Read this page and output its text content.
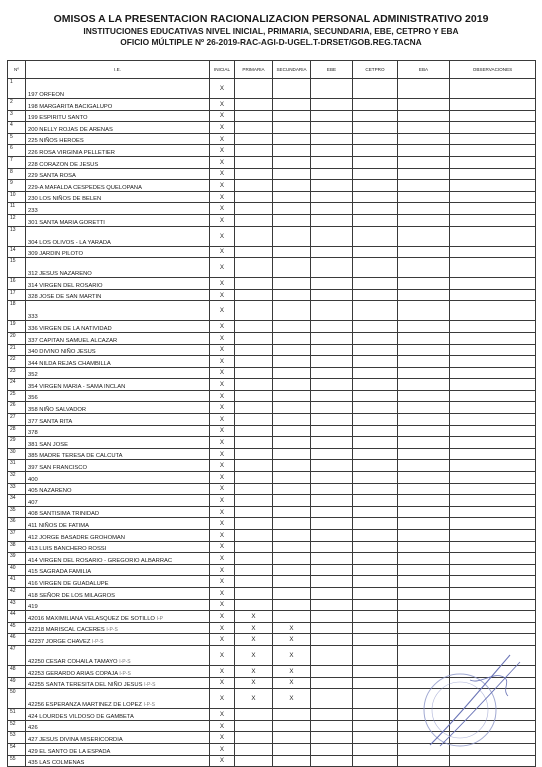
OMISOS A LA PRESENTACION RACIONALIZACION PERSONAL ADMINISTRATIVO 2019
INSTITUCIONES EDUCATIVAS NIVEL INICIAL, PRIMARIA, SECUNDARIA, EBE, CETPRO Y EBA
OFICIO MÚLTIPLE Nº 26-2019-RAC-AGI-D-UGEL.T-DRSET/GOB.REG.TACNA
Nº	I.E.	INICIAL	PRIMARIA	SECUNDARIA	EBE	CETPRO	EBA	OBSERVACIONES
1	197 ORFEON	X						
2	198 MARGARITA BACIGALUPO	X						
3	199 ESPIRITU SANTO	X						
4	200 NELLY ROJAS DE ARENAS	X						
5	225 NIÑOS HEROES	X						
6	226 ROSA VIRGINIA PELLETIER	X						
7	228 CORAZON DE JESUS	X						
8	229 SANTA ROSA	X						
9	229-A MAFALDA CESPEDES QUELOPANA	X						
10	230 LOS NIÑOS DE BELEN	X						
11	233	X						
12	301 SANTA MARIA GORETTI	X						
13	304 LOS OLIVOS - LA YARADA	X						
14	309 JARDIN PILOTO	X						
15	312 JESUS NAZARENO	X						
16	314 VIRGEN DEL ROSARIO	X						
17	328 JOSE DE SAN MARTIN	X						
18	333	X						
19	336 VIRGEN DE LA NATIVIDAD	X						
20	337 CAPITAN SAMUEL ALCAZAR	X						
21	340 DIVINO NIÑO JESUS	X						
22	344 NILDA REJAS CHAMBILLA	X						
23	352	X						
24	354 VIRGEN MARIA - SAMA INCLAN	X						
25	356	X						
26	358 NIÑO SALVADOR	X						
27	377 SANTA RITA	X						
28	378	X						
29	381 SAN JOSE	X						
30	385 MADRE TERESA DE CALCUTA	X						
31	397 SAN FRANCISCO	X						
32	400	X						
33	405 NAZARENO	X						
34	407	X						
35	408 SANTISIMA TRINIDAD	X						
36	411 NIÑOS DE FATIMA	X						
37	412 JORGE BASADRE GROHOMAN	X						
38	413 LUIS BANCHERO ROSSI	X						
39	414 VIRGEN DEL ROSARIO - GREGORIO ALBARRAC	X						
40	415 SAGRADA FAMILIA	X						
41	416 VIRGEN DE GUADALUPE	X						
42	418 SEÑOR DE LOS MILAGROS	X						
43	419	X						
44	42016 MAXIMILIANA VELASQUEZ DE SOTILLO I-P	X	X					
45	42218 MARISCAL CACERES I-P-S	X	X	X				
46	42237 JORGE CHAVEZ I-P-S	X	X	X				
47	42250 CESAR COHAILA TAMAYO I-P-S	X	X	X				
48	42253 GERARDO ARIAS COPAJA I-P-S	X	X	X				
49	42255 SANTA TERESITA DEL NIÑO JESUS I-P-S	X	X	X				
50	42256 ESPERANZA MARTINEZ DE LOPEZ I-P-S	X	X	X				
51	424 LOURDES VILDOSO DE GAMBETA	X						
52	426	X						
53	427 JESUS DIVINA MISERICORDIA	X						
54	429 EL SANTO DE LA ESPADA	X						
55	435 LAS COLMENAS	X						
